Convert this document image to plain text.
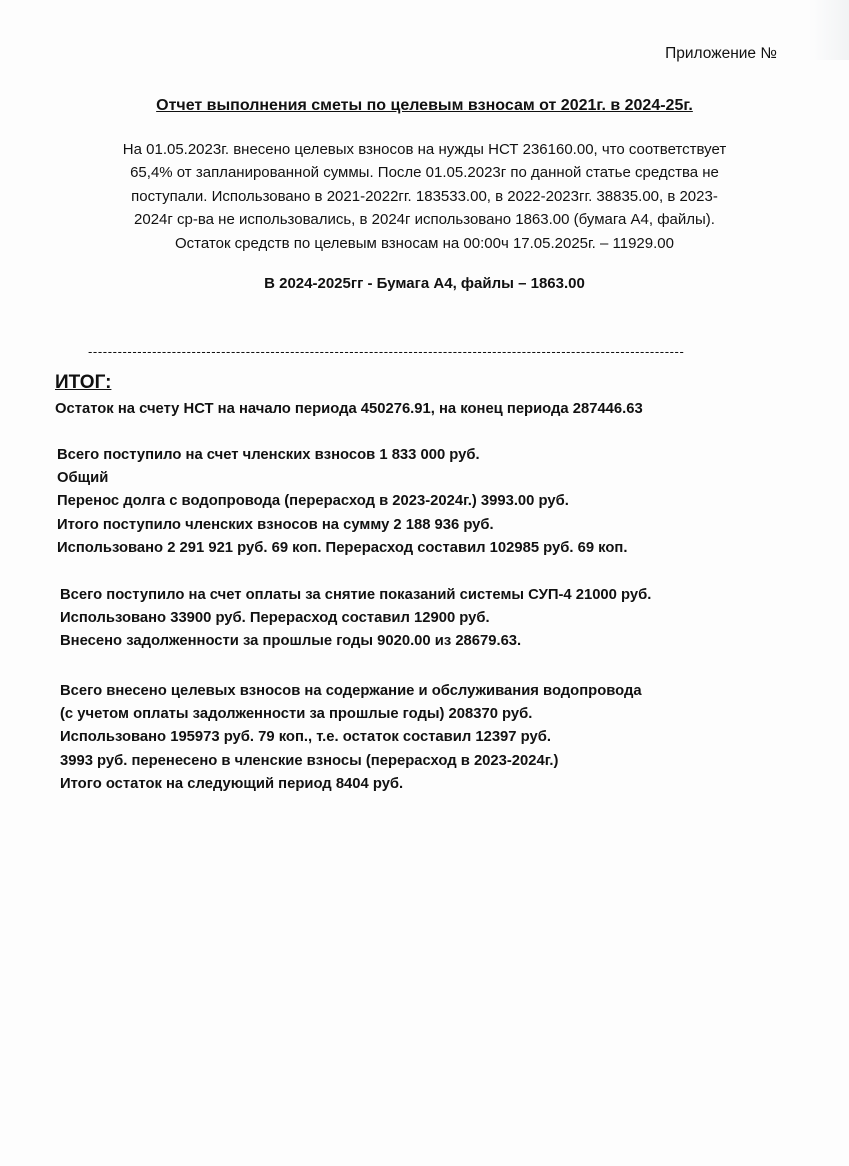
Приложение №
Отчет выполнения сметы по целевым взносам от 2021г. в 2024-25г.
На 01.05.2023г. внесено целевых взносов на нужды НСТ 236160.00, что соответствует
65,4% от запланированной суммы. После 01.05.2023г по данной статье средства не
поступали. Использовано в 2021-2022гг. 183533.00, в 2022-2023гг. 38835.00, в 2023-
2024г ср-ва не использовались, в 2024г использовано 1863.00 (бумага А4, файлы).
Остаток средств по целевым взносам на 00:00ч 17.05.2025г. – 11929.00
В 2024-2025гг - Бумага А4, файлы – 1863.00
-------------------------------------------------------------------------------------------------------------------------
ИТОГ:
Остаток на счету НСТ на начало периода 450276.91, на конец периода 287446.63
Всего поступило на счет членских взносов 1 833 000 руб.
Общий
Перенос долга с водопровода (перерасход в 2023-2024г.) 3993.00 руб.
Итого поступило членских взносов на сумму 2 188 936 руб.
Использовано 2 291 921 руб. 69 коп. Перерасход составил 102985 руб. 69 коп.
Всего поступило на счет оплаты за снятие показаний системы СУП-4 21000 руб.
Использовано 33900 руб. Перерасход составил 12900 руб.
Внесено задолженности за прошлые годы 9020.00 из 28679.63.
Всего внесено целевых взносов на содержание и обслуживания водопровода
(с учетом оплаты задолженности за прошлые годы) 208370 руб.
Использовано 195973 руб. 79 коп., т.е. остаток составил 12397 руб.
3993 руб. перенесено в членские взносы (перерасход в 2023-2024г.)
Итого остаток на следующий период 8404 руб.
